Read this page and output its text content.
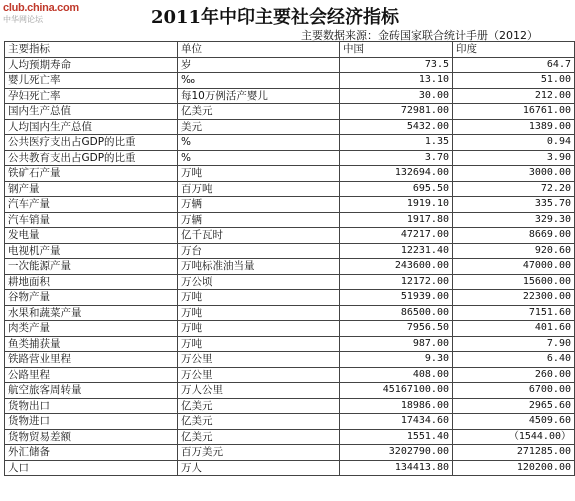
club.china.com
中华网论坛	2011年中印主要社会经济指标
主要数据来源：金砖国家联合统计手册（2012）
主要指标	单位	中国	印度
人均预期寿命	岁	73.5	64.7
婴儿死亡率	‰	13.10	51.00
孕妇死亡率	每10万例活产婴儿	30.00	212.00
国内生产总值	亿美元	72981.00	16761.00
人均国内生产总值	美元	5432.00	1389.00
公共医疗支出占GDP的比重	%	1.35	0.94
公共教育支出占GDP的比重	%	3.70	3.90
铁矿石产量	万吨	132694.00	3000.00
钢产量	百万吨	695.50	72.20
汽车产量	万辆	1919.10	335.70
汽车销量	万辆	1917.80	329.30
发电量	亿千瓦时	47217.00	8669.00
电视机产量	万台	12231.40	920.60
一次能源产量	万吨标准油当量	243600.00	47000.00
耕地面积	万公顷	12172.00	15600.00
谷物产量	万吨	51939.00	22300.00
水果和蔬菜产量	万吨	86500.00	7151.60
肉类产量	万吨	7956.50	401.60
鱼类捕获量	万吨	987.00	7.90
铁路营业里程	万公里	9.30	6.40
公路里程	万公里	408.00	260.00
航空旅客周转量	万人公里	45167100.00	6700.00
货物出口	亿美元	18986.00	2965.60
货物进口	亿美元	17434.60	4509.60
货物贸易差额	亿美元	1551.40	（1544.00）
外汇储备	百万美元	3202790.00	271285.00
人口	万人	134413.80	120200.00
